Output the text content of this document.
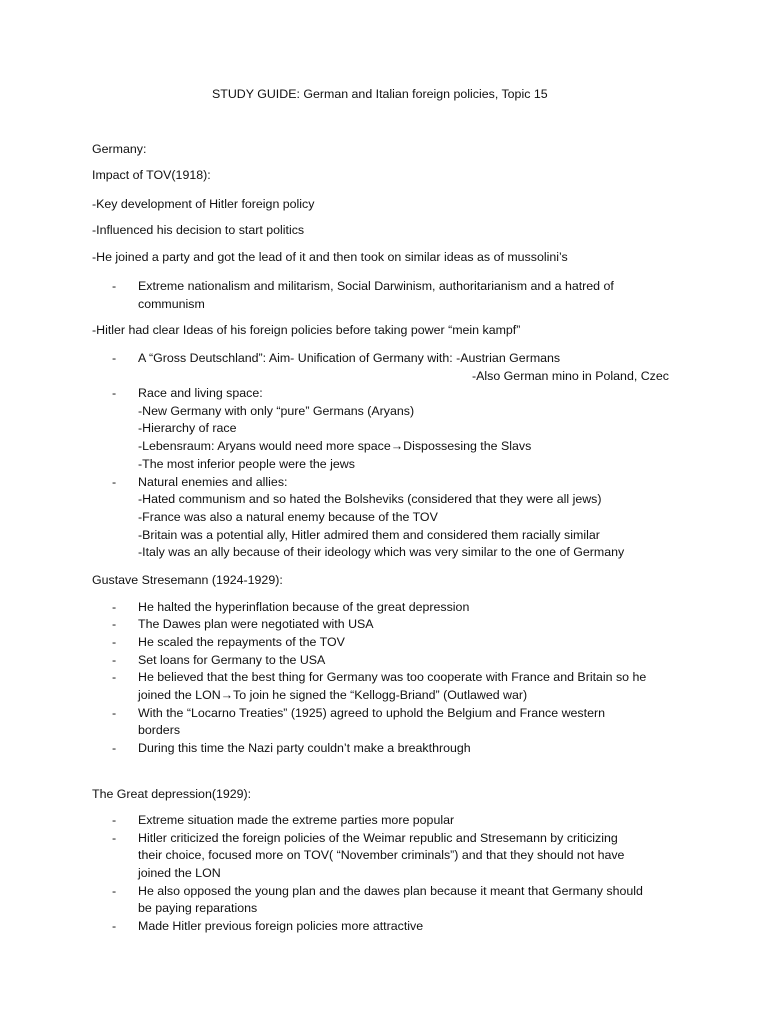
STUDY GUIDE: German and Italian foreign policies, Topic 15
Germany:
Impact of TOV(1918):
-Key development of Hitler foreign policy
-Influenced his decision to start politics
-He joined a party and got the lead of it and then took on similar ideas as of mussolini’s
- Extreme nationalism and militarism, Social Darwinism, authoritarianism and a hatred of
communism
-Hitler had clear Ideas of his foreign policies before taking power “mein kampf”
- A “Gross Deutschland”: Aim- Unification of Germany with: -Austrian Germans
-Also German mino in Poland, Czec
- Race and living space:
-New Germany with only “pure” Germans (Aryans)
-Hierarchy of race
-Lebensraum: Aryans would need more space→Dispossesing the Slavs
-The most inferior people were the jews
- Natural enemies and allies:
-Hated communism and so hated the Bolsheviks (considered that they were all jews)
-France was also a natural enemy because of the TOV
-Britain was a potential ally, Hitler admired them and considered them racially similar
-Italy was an ally because of their ideology which was very similar to the one of Germany
Gustave Stresemann (1924-1929):
- He halted the hyperinflation because of the great depression
- The Dawes plan were negotiated with USA
- He scaled the repayments of the TOV
- Set loans for Germany to the USA
- He believed that the best thing for Germany was too cooperate with France and Britain so he
joined the LON→To join he signed the “Kellogg-Briand” (Outlawed war)
- With the “Locarno Treaties” (1925) agreed to uphold the Belgium and France western
borders
- During this time the Nazi party couldn’t make a breakthrough
The Great depression(1929):
- Extreme situation made the extreme parties more popular
- Hitler criticized the foreign policies of the Weimar republic and Stresemann by criticizing
their choice, focused more on TOV( “November criminals”) and that they should not have
joined the LON
- He also opposed the young plan and the dawes plan because it meant that Germany should
be paying reparations
- Made Hitler previous foreign policies more attractive
